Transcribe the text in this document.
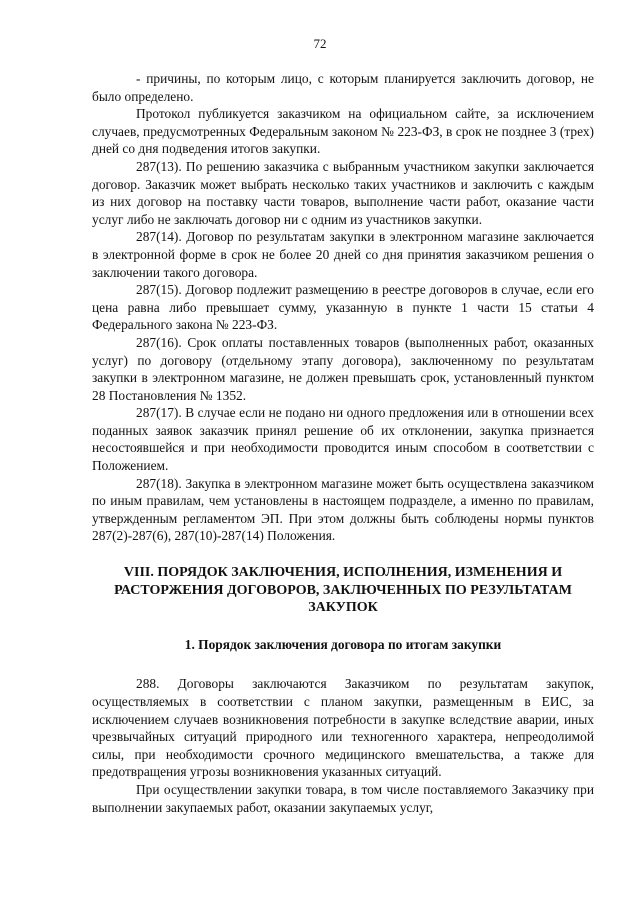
72

- причины, по которым лицо, с которым планируется заключить договор, не было определено.

Протокол публикуется заказчиком на официальном сайте, за исключением случаев, предусмотренных Федеральным законом № 223-ФЗ, в срок не позднее 3 (трех) дней со дня подведения итогов закупки.

287(13). По решению заказчика с выбранным участником закупки заключается договор. Заказчик может выбрать несколько таких участников и заключить с каждым из них договор на поставку части товаров, выполнение части работ, оказание части услуг либо не заключать договор ни с одним из участников закупки.

287(14). Договор по результатам закупки в электронном магазине заключается в электронной форме в срок не более 20 дней со дня принятия заказчиком решения о заключении такого договора.

287(15). Договор подлежит размещению в реестре договоров в случае, если его цена равна либо превышает сумму, указанную в пункте 1 части 15 статьи 4 Федерального закона № 223-ФЗ.

287(16). Срок оплаты поставленных товаров (выполненных работ, оказанных услуг) по договору (отдельному этапу договора), заключенному по результатам закупки в электронном магазине, не должен превышать срок, установленный пунктом 28 Постановления № 1352.

287(17). В случае если не подано ни одного предложения или в отношении всех поданных заявок заказчик принял решение об их отклонении, закупка признается несостоявшейся и при необходимости проводится иным способом в соответствии с Положением.

287(18). Закупка в электронном магазине может быть осуществлена заказчиком по иным правилам, чем установлены в настоящем подразделе, а именно по правилам, утвержденным регламентом ЭП. При этом должны быть соблюдены нормы пунктов 287(2)-287(6), 287(10)-287(14) Положения.

VIII. ПОРЯДОК ЗАКЛЮЧЕНИЯ, ИСПОЛНЕНИЯ, ИЗМЕНЕНИЯ И РАСТОРЖЕНИЯ ДОГОВОРОВ, ЗАКЛЮЧЕННЫХ ПО РЕЗУЛЬТАТАМ ЗАКУПОК
1. Порядок заключения договора по итогам закупки

288. Договоры заключаются Заказчиком по результатам закупок, осуществляемых в соответствии с планом закупки, размещенным в ЕИС, за исключением случаев возникновения потребности в закупке вследствие аварии, иных чрезвычайных ситуаций природного или техногенного характера, непреодолимой силы, при необходимости срочного медицинского вмешательства, а также для предотвращения угрозы возникновения указанных ситуаций.

При осуществлении закупки товара, в том числе поставляемого Заказчику при выполнении закупаемых работ, оказании закупаемых услуг,
